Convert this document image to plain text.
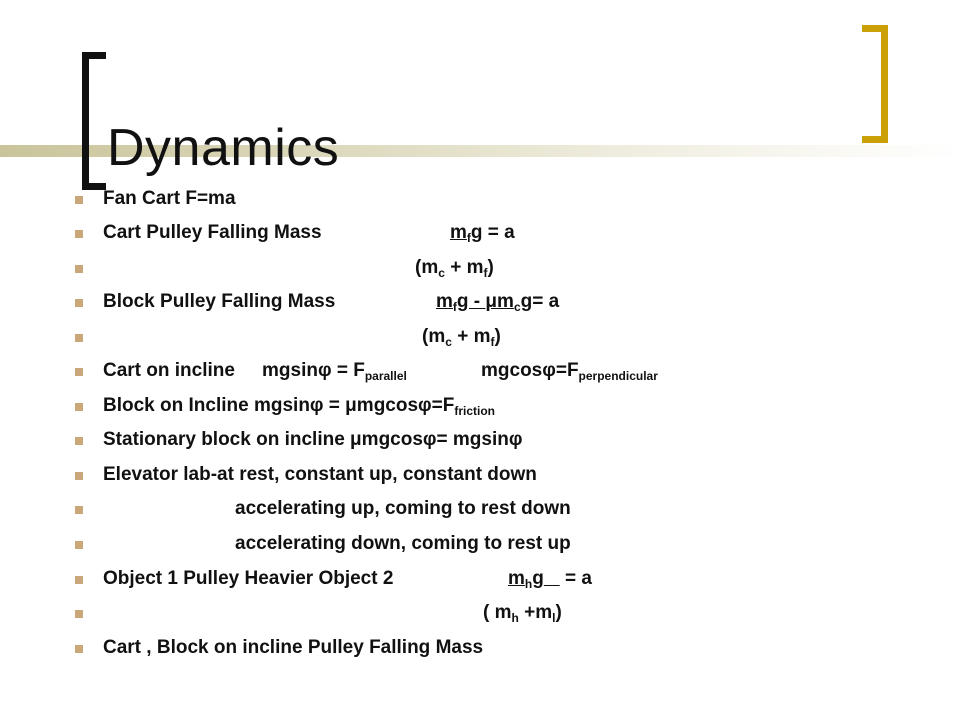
Dynamics
Fan Cart F=ma
Cart Pulley Falling Mass	$m_fg = a$
$(m_c + m_f)$
Block Pulley Falling Mass	$m_fg - \mu m_cg= a$
$(m_c + m_f)$
Cart on incline $mgsin\varphi = F_{parallel}$	$mgcos\varphi=F_{perpendicular}$
Block on Incline $mgsin\varphi = \mu mgcos\varphi=F_{friction}$
Stationary block on incline μmgcosφ= mgsinφ
Elevator lab-at rest, constant up, constant down
accelerating up, coming to rest down
accelerating down, coming to rest up
Object 1 Pulley Heavier Object 2	$m_hg$    = a
( $m_h +m_l$)
Cart , Block on incline Pulley Falling Mass
